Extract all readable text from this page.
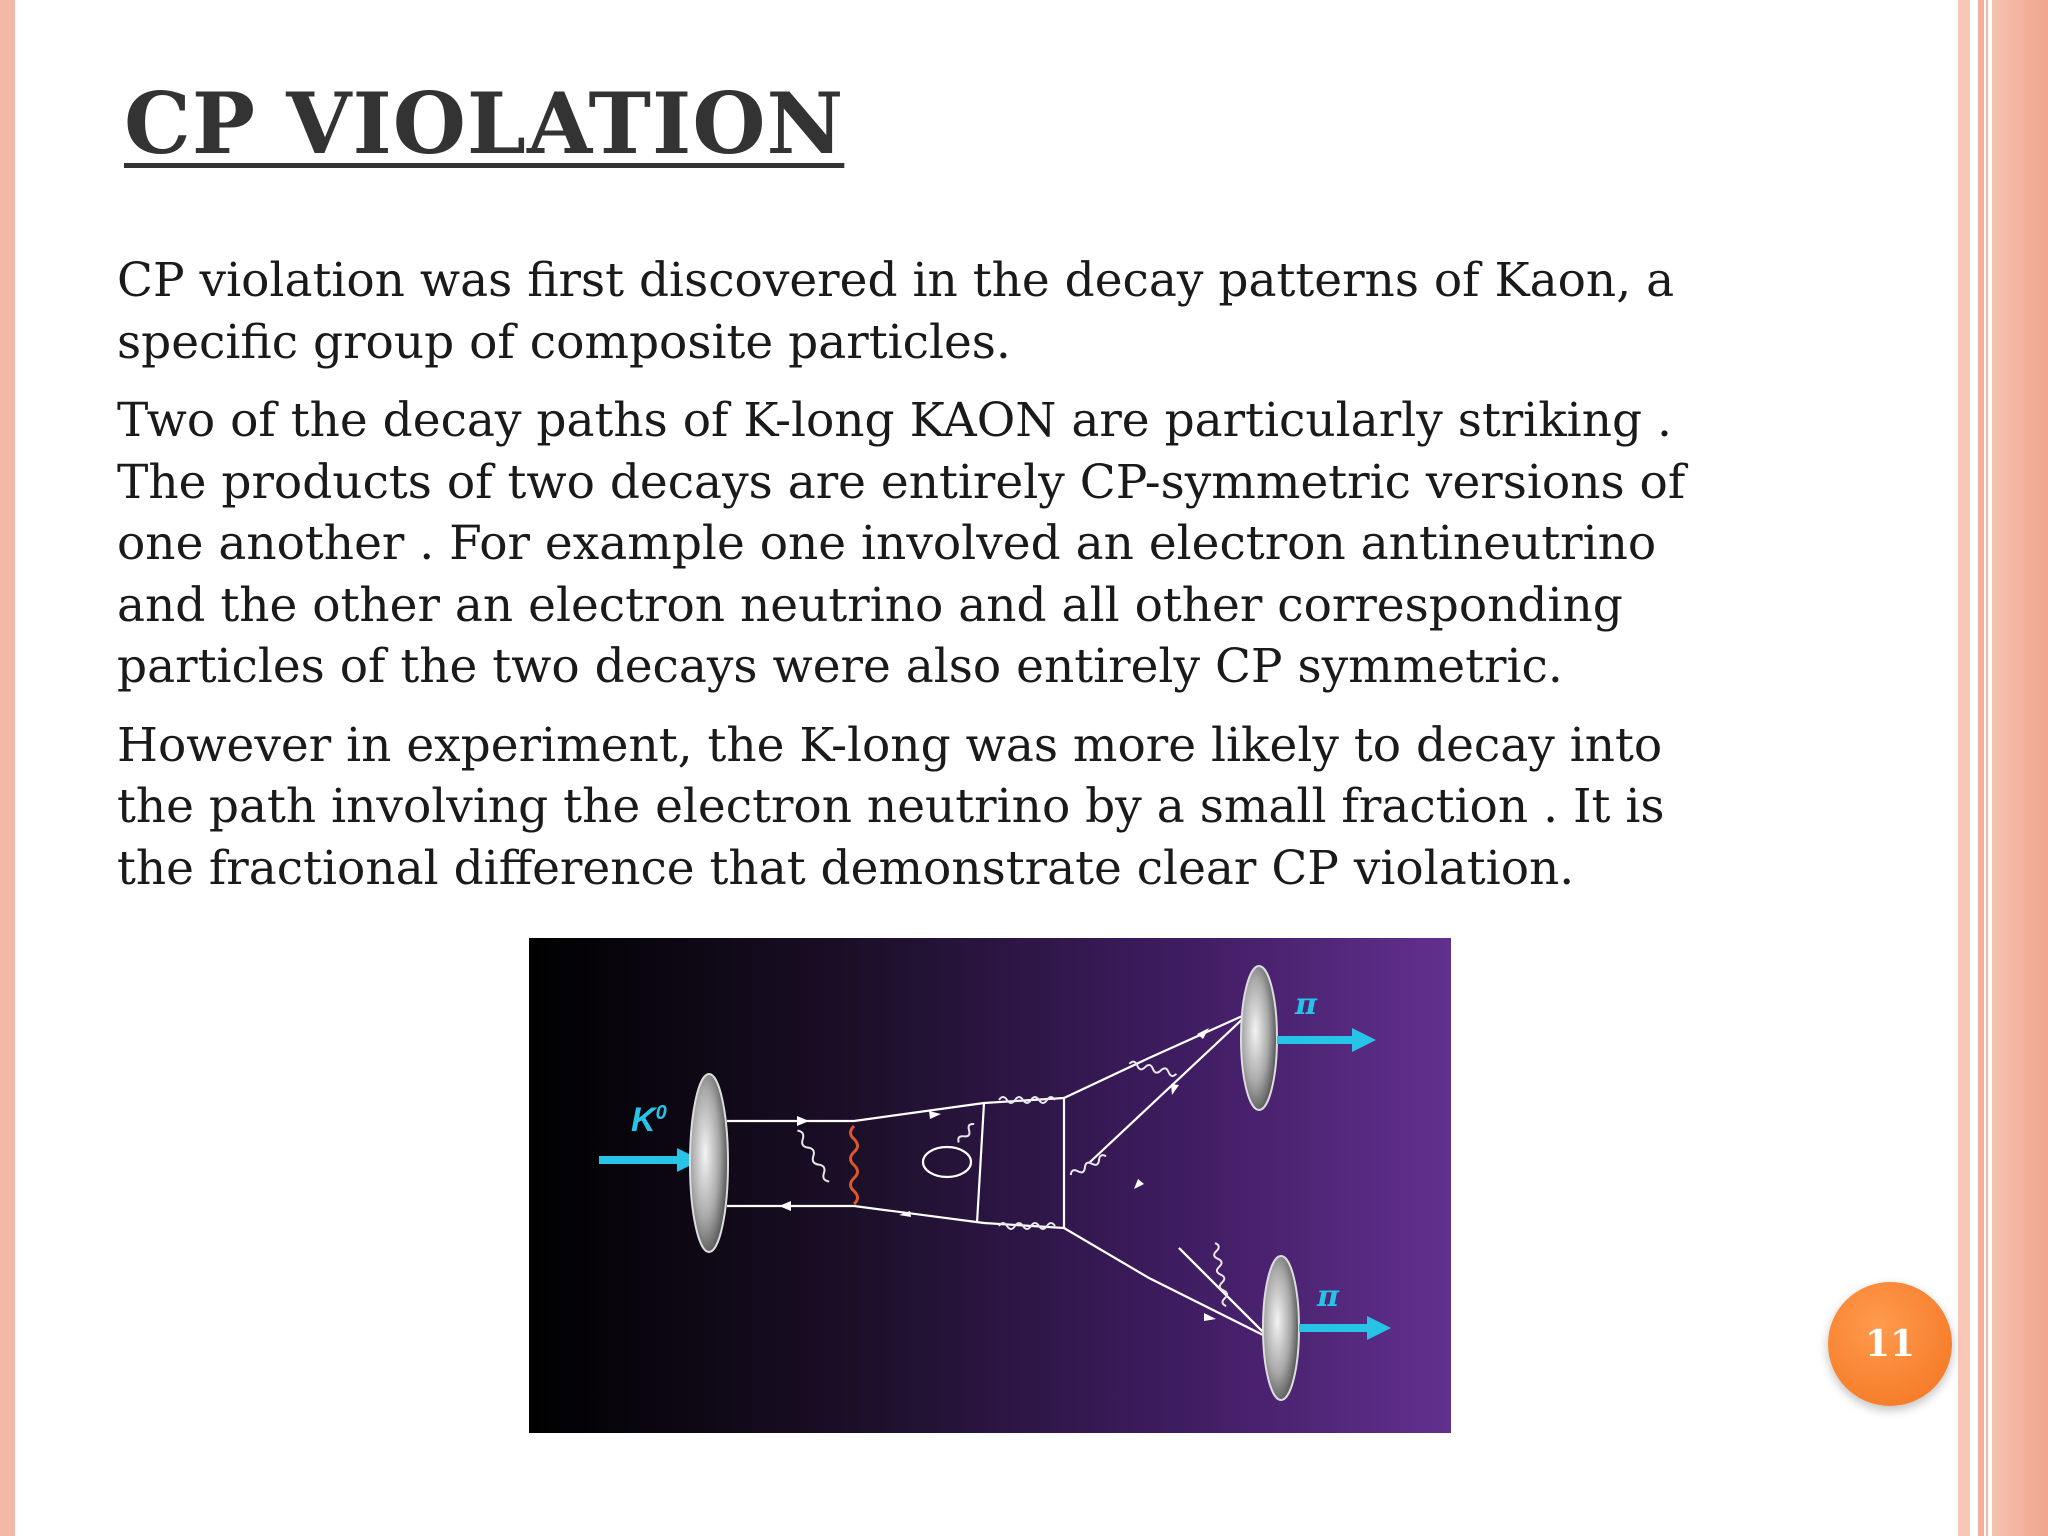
CP VIOLATION

CP violation was first discovered in the decay patterns of Kaon, a specific group of composite particles.

Two of the decay paths of K-long KAON are particularly striking . The products of two decays are entirely CP-symmetric versions of one another . For example one involved an electron antineutrino and the other an electron neutrino and all other corresponding particles of the two decays were also entirely CP symmetric.

However in experiment, the K-long was more likely to decay into the path involving the electron neutrino by a small fraction . It is the fractional difference that demonstrate clear CP violation.

$K^0$
π
π
11
